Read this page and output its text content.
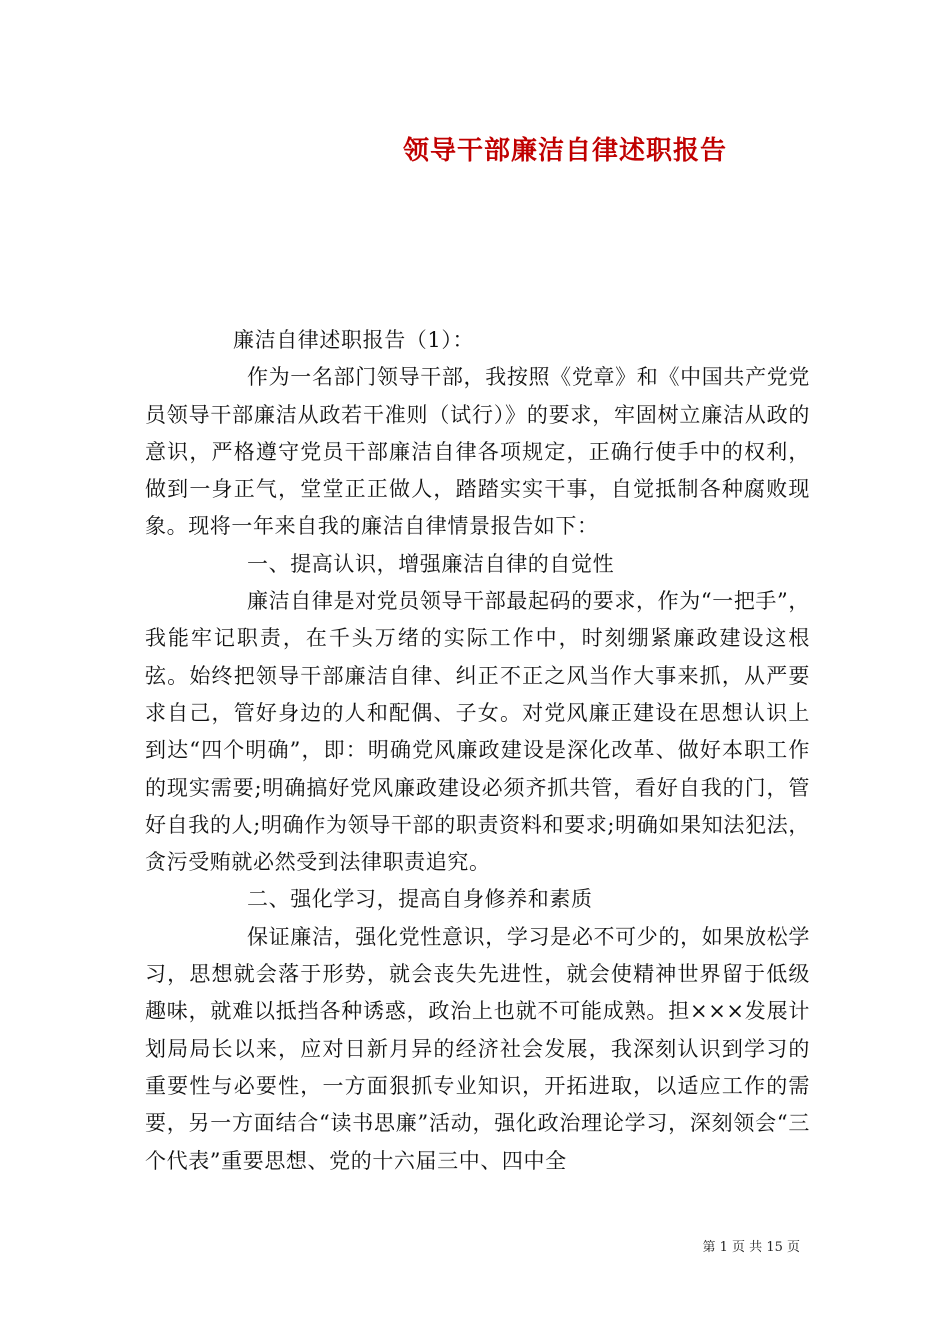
领导干部廉洁自律述职报告

廉洁自律述职报告（1）：

作为一名部门领导干部，我按照《党章》和《中国共产党党员领导干部廉洁从政若干准则（试行）》的要求，牢固树立廉洁从政的意识，严格遵守党员干部廉洁自律各项规定，正确行使手中的权利，做到一身正气，堂堂正正做人，踏踏实实干事，自觉抵制各种腐败现象。现将一年来自我的廉洁自律情景报告如下：

一、提高认识，增强廉洁自律的自觉性

廉洁自律是对党员领导干部最起码的要求，作为“一把手”，我能牢记职责，在千头万绪的实际工作中，时刻绷紧廉政建设这根弦。始终把领导干部廉洁自律、纠正不正之风当作大事来抓，从严要求自己，管好身边的人和配偶、子女。对党风廉正建设在思想认识上到达“四个明确”，即：明确党风廉政建设是深化改革、做好本职工作的现实需要;明确搞好党风廉政建设必须齐抓共管，看好自我的门，管好自我的人;明确作为领导干部的职责资料和要求;明确如果知法犯法，贪污受贿就必然受到法律职责追究。

二、强化学习，提高自身修养和素质

保证廉洁，强化党性意识，学习是必不可少的，如果放松学习，思想就会落于形势，就会丧失先进性，就会使精神世界留于低级趣味，就难以抵挡各种诱惑，政治上也就不可能成熟。担×××发展计划局局长以来，应对日新月异的经济社会发展，我深刻认识到学习的重要性与必要性，一方面狠抓专业知识，开拓进取，以适应工作的需要，另一方面结合“读书思廉”活动，强化政治理论学习，深刻领会“三个代表”重要思想、党的十六届三中、四中全

第 1 页 共 15 页
